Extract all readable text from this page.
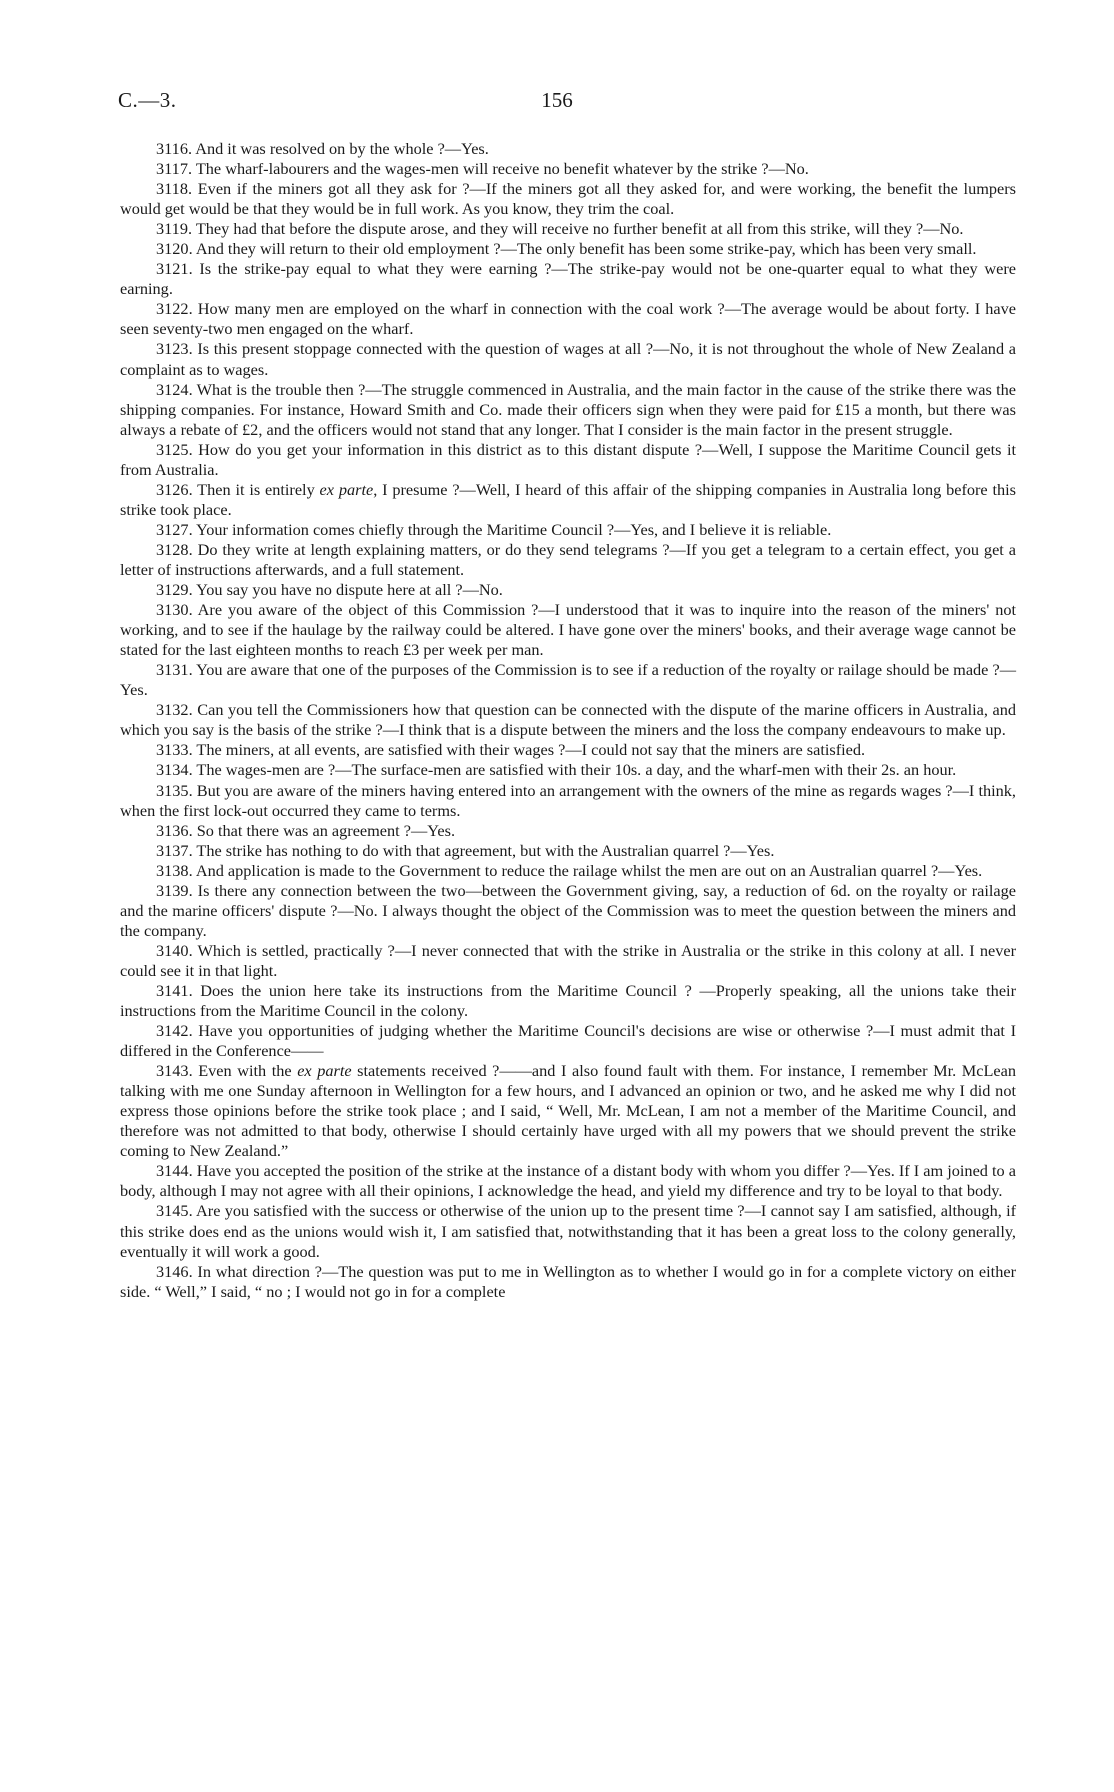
C.—3.	156

3116. And it was resolved on by the whole ?—Yes.

3117. The wharf-labourers and the wages-men will receive no benefit whatever by the strike ?—No.

3118. Even if the miners got all they ask for ?—If the miners got all they asked for, and were working, the benefit the lumpers would get would be that they would be in full work. As you know, they trim the coal.

3119. They had that before the dispute arose, and they will receive no further benefit at all from this strike, will they ?—No.

3120. And they will return to their old employment ?—The only benefit has been some strike-pay, which has been very small.

3121. Is the strike-pay equal to what they were earning ?—The strike-pay would not be one-quarter equal to what they were earning.

3122. How many men are employed on the wharf in connection with the coal work ?—The average would be about forty. I have seen seventy-two men engaged on the wharf.

3123. Is this present stoppage connected with the question of wages at all ?—No, it is not throughout the whole of New Zealand a complaint as to wages.

3124. What is the trouble then ?—The struggle commenced in Australia, and the main factor in the cause of the strike there was the shipping companies. For instance, Howard Smith and Co. made their officers sign when they were paid for £15 a month, but there was always a rebate of £2, and the officers would not stand that any longer. That I consider is the main factor in the present struggle.

3125. How do you get your information in this district as to this distant dispute ?—Well, I suppose the Maritime Council gets it from Australia.

3126. Then it is entirely ex parte, I presume ?—Well, I heard of this affair of the shipping companies in Australia long before this strike took place.

3127. Your information comes chiefly through the Maritime Council ?—Yes, and I believe it is reliable.

3128. Do they write at length explaining matters, or do they send telegrams ?—If you get a telegram to a certain effect, you get a letter of instructions afterwards, and a full statement.

3129. You say you have no dispute here at all ?—No.

3130. Are you aware of the object of this Commission ?—I understood that it was to inquire into the reason of the miners' not working, and to see if the haulage by the railway could be altered. I have gone over the miners' books, and their average wage cannot be stated for the last eighteen months to reach £3 per week per man.

3131. You are aware that one of the purposes of the Commission is to see if a reduction of the royalty or railage should be made ?—Yes.

3132. Can you tell the Commissioners how that question can be connected with the dispute of the marine officers in Australia, and which you say is the basis of the strike ?—I think that is a dispute between the miners and the loss the company endeavours to make up.

3133. The miners, at all events, are satisfied with their wages ?—I could not say that the miners are satisfied.

3134. The wages-men are ?—The surface-men are satisfied with their 10s. a day, and the wharf-men with their 2s. an hour.

3135. But you are aware of the miners having entered into an arrangement with the owners of the mine as regards wages ?—I think, when the first lock-out occurred they came to terms.

3136. So that there was an agreement ?—Yes.

3137. The strike has nothing to do with that agreement, but with the Australian quarrel ?—Yes.

3138. And application is made to the Government to reduce the railage whilst the men are out on an Australian quarrel ?—Yes.

3139. Is there any connection between the two—between the Government giving, say, a reduction of 6d. on the royalty or railage and the marine officers' dispute ?—No. I always thought the object of the Commission was to meet the question between the miners and the company.

3140. Which is settled, practically ?—I never connected that with the strike in Australia or the strike in this colony at all. I never could see it in that light.

3141. Does the union here take its instructions from the Maritime Council ? —Properly speaking, all the unions take their instructions from the Maritime Council in the colony.

3142. Have you opportunities of judging whether the Maritime Council's decisions are wise or otherwise ?—I must admit that I differed in the Conference——

3143. Even with the ex parte statements received ?——and I also found fault with them. For instance, I remember Mr. McLean talking with me one Sunday afternoon in Wellington for a few hours, and I advanced an opinion or two, and he asked me why I did not express those opinions before the strike took place ; and I said, “ Well, Mr. McLean, I am not a member of the Maritime Council, and therefore was not admitted to that body, otherwise I should certainly have urged with all my powers that we should prevent the strike coming to New Zealand.”

3144. Have you accepted the position of the strike at the instance of a distant body with whom you differ ?—Yes. If I am joined to a body, although I may not agree with all their opinions, I acknowledge the head, and yield my difference and try to be loyal to that body.

3145. Are you satisfied with the success or otherwise of the union up to the present time ?—I cannot say I am satisfied, although, if this strike does end as the unions would wish it, I am satisfied that, notwithstanding that it has been a great loss to the colony generally, eventually it will work a good.

3146. In what direction ?—The question was put to me in Wellington as to whether I would go in for a complete victory on either side. “ Well,” I said, “ no ; I would not go in for a complete
